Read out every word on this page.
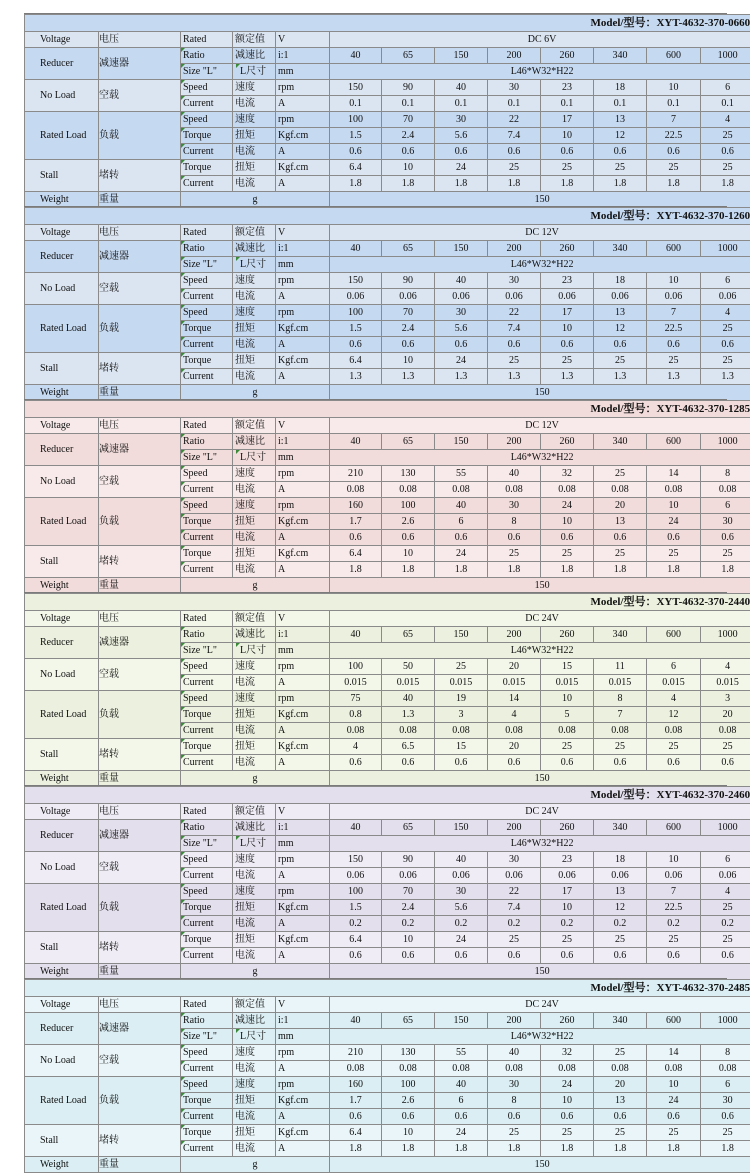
Model/型号：XYT-4632-370-0660												
Voltage	电压	Rated	额定值	V	DC 6V							
Reducer	减速器	Ratio	减速比	i:1	40	65	150	200	260	340	600	1000

Size "L"	L尺寸	mm	L46*W32*H22							
No Load	空载	Speed	速度	rpm	150	90	40	30	23	18	10	6

Current	电流	A	0.1	0.1	0.1	0.1	0.1	0.1	0.1	0.1
Rated Load	负载	Speed	速度	rpm	100	70	30	22	17	13	7	4

Torque	扭矩	Kgf.cm	1.5	2.4	5.6	7.4	10	12	22.5	25

Current	电流	A	0.6	0.6	0.6	0.6	0.6	0.6	0.6	0.6
Stall	堵转	Torque	扭矩	Kgf.cm	6.4	10	24	25	25	25	25	25

Current	电流	A	1.8	1.8	1.8	1.8	1.8	1.8	1.8	1.8
Weight	重量	g			150							
Model/型号：XYT-4632-370-1260												
Voltage	电压	Rated	额定值	V	DC 12V							
Reducer	减速器	Ratio	减速比	i:1	40	65	150	200	260	340	600	1000

Size "L"	L尺寸	mm	L46*W32*H22							
No Load	空载	Speed	速度	rpm	150	90	40	30	23	18	10	6

Current	电流	A	0.06	0.06	0.06	0.06	0.06	0.06	0.06	0.06
Rated Load	负载	Speed	速度	rpm	100	70	30	22	17	13	7	4

Torque	扭矩	Kgf.cm	1.5	2.4	5.6	7.4	10	12	22.5	25

Current	电流	A	0.6	0.6	0.6	0.6	0.6	0.6	0.6	0.6
Stall	堵转	Torque	扭矩	Kgf.cm	6.4	10	24	25	25	25	25	25

Current	电流	A	1.3	1.3	1.3	1.3	1.3	1.3	1.3	1.3
Weight	重量	g			150							
Model/型号：XYT-4632-370-1285												
Voltage	电压	Rated	额定值	V	DC 12V							
Reducer	减速器	Ratio	减速比	i:1	40	65	150	200	260	340	600	1000

Size "L"	L尺寸	mm	L46*W32*H22							
No Load	空载	Speed	速度	rpm	210	130	55	40	32	25	14	8

Current	电流	A	0.08	0.08	0.08	0.08	0.08	0.08	0.08	0.08
Rated Load	负载	Speed	速度	rpm	160	100	40	30	24	20	10	6

Torque	扭矩	Kgf.cm	1.7	2.6	6	8	10	13	24	30

Current	电流	A	0.6	0.6	0.6	0.6	0.6	0.6	0.6	0.6
Stall	堵转	Torque	扭矩	Kgf.cm	6.4	10	24	25	25	25	25	25

Current	电流	A	1.8	1.8	1.8	1.8	1.8	1.8	1.8	1.8
Weight	重量	g			150							
Model/型号：XYT-4632-370-2440												
Voltage	电压	Rated	额定值	V	DC 24V							
Reducer	减速器	Ratio	减速比	i:1	40	65	150	200	260	340	600	1000

Size "L"	L尺寸	mm	L46*W32*H22							
No Load	空载	Speed	速度	rpm	100	50	25	20	15	11	6	4

Current	电流	A	0.015	0.015	0.015	0.015	0.015	0.015	0.015	0.015
Rated Load	负载	Speed	速度	rpm	75	40	19	14	10	8	4	3

Torque	扭矩	Kgf.cm	0.8	1.3	3	4	5	7	12	20

Current	电流	A	0.08	0.08	0.08	0.08	0.08	0.08	0.08	0.08
Stall	堵转	Torque	扭矩	Kgf.cm	4	6.5	15	20	25	25	25	25

Current	电流	A	0.6	0.6	0.6	0.6	0.6	0.6	0.6	0.6
Weight	重量	g			150							
Model/型号：XYT-4632-370-2460												
Voltage	电压	Rated	额定值	V	DC 24V							
Reducer	减速器	Ratio	减速比	i:1	40	65	150	200	260	340	600	1000

Size "L"	L尺寸	mm	L46*W32*H22							
No Load	空载	Speed	速度	rpm	150	90	40	30	23	18	10	6

Current	电流	A	0.06	0.06	0.06	0.06	0.06	0.06	0.06	0.06
Rated Load	负载	Speed	速度	rpm	100	70	30	22	17	13	7	4

Torque	扭矩	Kgf.cm	1.5	2.4	5.6	7.4	10	12	22.5	25

Current	电流	A	0.2	0.2	0.2	0.2	0.2	0.2	0.2	0.2
Stall	堵转	Torque	扭矩	Kgf.cm	6.4	10	24	25	25	25	25	25

Current	电流	A	0.6	0.6	0.6	0.6	0.6	0.6	0.6	0.6
Weight	重量	g			150							
Model/型号：XYT-4632-370-2485												
Voltage	电压	Rated	额定值	V	DC 24V							
Reducer	减速器	Ratio	减速比	i:1	40	65	150	200	260	340	600	1000

Size "L"	L尺寸	mm	L46*W32*H22							
No Load	空载	Speed	速度	rpm	210	130	55	40	32	25	14	8

Current	电流	A	0.08	0.08	0.08	0.08	0.08	0.08	0.08	0.08
Rated Load	负载	Speed	速度	rpm	160	100	40	30	24	20	10	6

Torque	扭矩	Kgf.cm	1.7	2.6	6	8	10	13	24	30

Current	电流	A	0.6	0.6	0.6	0.6	0.6	0.6	0.6	0.6
Stall	堵转	Torque	扭矩	Kgf.cm	6.4	10	24	25	25	25	25	25

Current	电流	A	1.8	1.8	1.8	1.8	1.8	1.8	1.8	1.8
Weight	重量	g			150							
